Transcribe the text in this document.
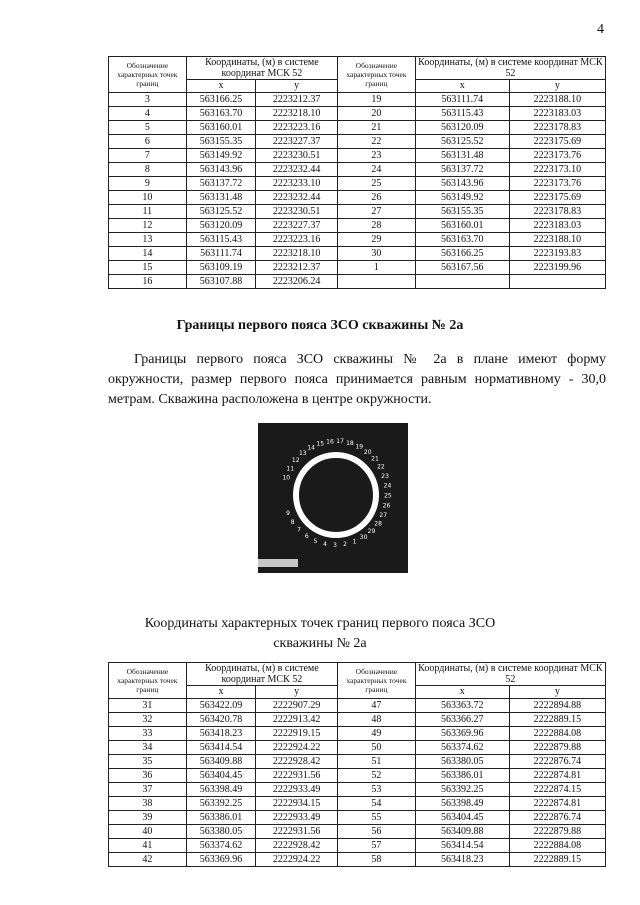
4
Обозначение характерных точек границ	Координаты, (м) в системе координат МСК 52		Обозначение характерных точек границ	Координаты, (м) в системе координат МСК 52	
	x	y		x	y
3	563166.25	2223212.37	19	563111.74	2223188.10
4	563163.70	2223218.10	20	563115.43	2223183.03
5	563160.01	2223223.16	21	563120.09	2223178.83
6	563155.35	2223227.37	22	563125.52	2223175.69
7	563149.92	2223230.51	23	563131.48	2223173.76
8	563143.96	2223232.44	24	563137.72	2223173.10
9	563137.72	2223233.10	25	563143.96	2223173.76
10	563131.48	2223232.44	26	563149.92	2223175.69
11	563125.52	2223230.51	27	563155.35	2223178.83
12	563120.09	2223227.37	28	563160.01	2223183.03
13	563115.43	2223223.16	29	563163.70	2223188.10
14	563111.74	2223218.10	30	563166.25	2223193.83
15	563109.19	2223212.37	1	563167.56	2223199.96
16	563107.88	2223206.24			
Границы первого пояса ЗСО скважины № 2а
Границы первого пояса ЗСО скважины № 2а в плане имеют форму окружности, размер первого пояса принимается равным нормативному - 30,0 метрам. Скважина расположена в центре окружности.
10
11
12
13
14
15 16 17 18
19
20
21
22
23
24
25
26
27
28
29
30
1
2
3
4
5
6
7
8
9
Координаты характерных точек границ первого пояса ЗСО
скважины № 2а
Обозначение характерных точек границ	Координаты, (м) в системе координат МСК 52		Обозначение характерных точек границ	Координаты, (м) в системе координат МСК 52	
	x	y		x	y
31	563422.09	2222907.29	47	563363.72	2222894.88
32	563420.78	2222913.42	48	563366.27	2222889.15
33	563418.23	2222919.15	49	563369.96	2222884.08
34	563414.54	2222924.22	50	563374.62	2222879.88
35	563409.88	2222928.42	51	563380.05	2222876.74
36	563404.45	2222931.56	52	563386.01	2222874.81
37	563398.49	2222933.49	53	563392.25	2222874.15
38	563392.25	2222934.15	54	563398.49	2222874.81
39	563386.01	2222933.49	55	563404.45	2222876.74
40	563380.05	2222931.56	56	563409.88	2222879.88
41	563374.62	2222928.42	57	563414.54	2222884.08
42	563369.96	2222924.22	58	563418.23	2222889.15
